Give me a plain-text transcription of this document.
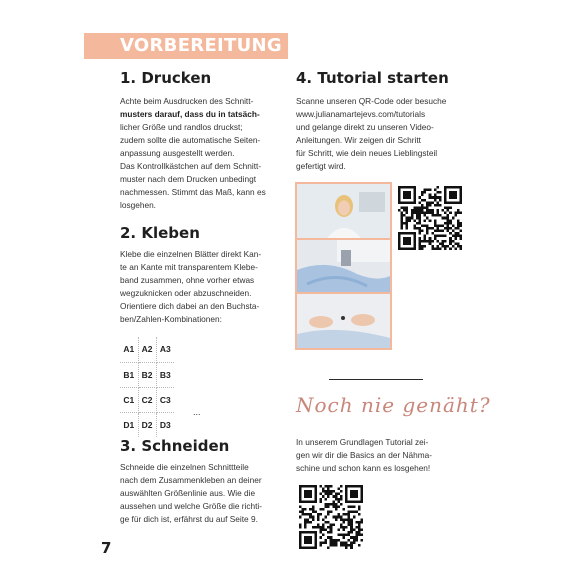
VORBEREITUNG
1. Drucken
Achte beim Ausdrucken des Schnitt-
musters darauf, dass du in tatsäch-
licher Größe und randlos druckst;
zudem sollte die automatische Seiten-
anpassung ausgestellt werden.
Das Kontrollkästchen auf dem Schnitt-
muster nach dem Drucken unbedingt
nachmessen. Stimmt das Maß, kann es
losgehen.
2. Kleben
Klebe die einzelnen Blätter direkt Kan-
te an Kante mit transparentem Klebe-
band zusammen, ohne vorher etwas
wegzuknicken oder abzuschneiden.
Orientiere dich dabei an den Buchsta-
ben/Zahlen-Kombinationen:
A1	A2	A3
B1	B2	B3
C1	C2	C3
D1	D2	D3
...
3. Schneiden
Schneide die einzelnen Schnittteile
nach dem Zusammenkleben an deiner
auswählten Größenlinie aus. Wie die
aussehen und welche Größe die richti-
ge für dich ist, erfährst du auf Seite 9.
4. Tutorial starten
Scanne unseren QR-Code oder besuche
www.julianamartejevs.com/tutorials
und gelange direkt zu unseren Video-
Anleitungen. Wir zeigen dir Schritt
für Schritt, wie dein neues Lieblingsteil
gefertigt wird.
Noch nie genäht?
In unserem Grundlagen Tutorial zei-
gen wir dir die Basics an der Nähma-
schine und schon kann es losgehen!
7
